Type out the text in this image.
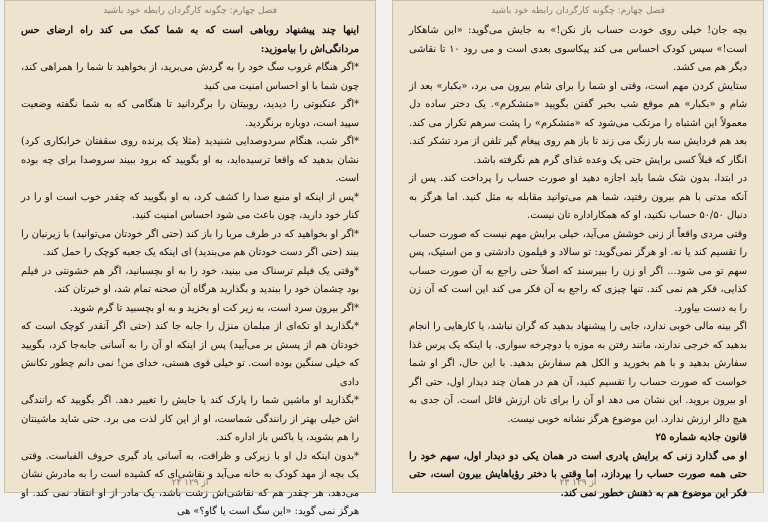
فصل چهارم: چگونه کارگردان رابطه خود باشید

اینها چند پیشنهاد روباهی است که به شما کمک می کند راه ارضای حس مردانگی‌اش را بیاموزید:

*اگر هنگام غروب سگ خود را به گردش می‌برید، از بخواهید تا شما را همراهی کند، چون شما با او احساس امنیت می کنید

*اگر عنکبوتی را دیدید، روبیتان را برگردانید تا هنگامی که به شما نگفته وضعیت سپید است، دوباره برنگردید.

*اگر شب، هنگام سردوصدایی شنیدید (مثلا یک پرنده روی سقفتان خرابکاری کرد) نشان بدهید که واقعا ترسیده‌اید، به او بگویید که برود ببیند سروصدا برای چه بوده است.

*پس از اینکه او منبع صدا را کشف کرد، به او بگویید که چقدر خوب است او را در کنار خود دارید، چون باعث می شود احساس امنیت کنید.

*اگر او بخواهید که در طرف مربا را باز کند (حتی اگر خودتان می‌توانید) با زیرنیان را ببند (حتی اگر دست خودتان هم می‌بندید) ای اینکه یک جعبه کوچک را حمل کند.

*وقتی یک فیلم ترسناک می بینید، خود را به او بچسبانید، اگر هم خشونتی در فیلم بود چشمان خود را ببندید و بگذارید هرگاه آن صحنه تمام شد، او خبرتان کند.

*اگر بیرون سرد است، به زیر کت او بخزید و به او بچسبید تا گرم شوید.

*بگذارید او تکه‌ای از مبلمان منزل را جابه جا کند (حتی اگر آنقدر کوچک است که خودتان هم از پسش بر می‌آیید) پس از اینکه او آن را به آسانی جابه‌جا کرد، بگویید که خیلی سنگین بوده است. تو خیلی قوی هستی، خدای من! نمی دانم چطور تکانش دادی

*بگذارید او ماشین شما را پارک کند یا جایش را تغییر دهد. اگر بگویید که رانندگی اش خیلی بهتر از رانندگی شماست، او از این کار لذت می برد. حتی شاید ماشینتان را هم بشوید، یا باکس باز اداره کند.

*بدون اینکه دل او با زیرکی و ظرافت، به آسانی یاد گیری حروف الفباست. وقتی یک بچه از مهد کودک به خانه می‌آید و نقاشی‌ای که کشیده است را به مادرش نشان می‌دهد، هر چقدر هم که نقاشی‌اش زشت باشد، یک مادر از او انتقاد نمی کند. او هرگز نمی گوید: «این سگ است یا گاو؟» هی

۲۴ از ۱۲۹
فصل چهارم: چگونه کارگردان رابطه خود باشید

بچه جان! خیلی روی خودت حساب باز نکن!» به جایش می‌گوید: «این شاهکار است!» سپس کودک احساس می کند پیکاسوی بعدی است و می رود ۱۰ تا نقاشی دیگر هم می کشد.

ستایش کردن مهم است، وقتی او شما را برای شام بیرون می برد، «بکبار» بعد از شام و «بکبار» هم موقع شب بخیر گفتن بگویید «متشکرم». یک دختر ساده دل معمولاً این اشتباه را مرتکب می‌شود که «متشکرم» را پشت سرهم تکرار می کند. بعد هم فردایش سه بار زنگ می زند تا باز هم روی پیغام گیر تلفن از مرد تشکر کند. انگار که قبلاً کسی برایش حتی یک وعده غذای گرم هم نگرفته باشد.

در ابتدا، بدون شک شما باید اجازه دهید او صورت حساب را پرداخت کند. پس از آنکه مدتی با هم بیرون رفتید، شما هم می‌توانید مقابله به مثل کنید. اما هرگز به دنبال ۵۰/۵۰ حساب نکنید، او که همکاراداره تان نیست.

وقتی مردی واقعاً از زنی خوشش می‌آید، خیلی برایش مهم نیست که صورت حساب را تقسیم کند یا نه. او هرگز نمی‌گوید: تو سالاد و فیلمون دادشتی و من استیک، پس سهم تو می شود... اگر او زن را ببیرسند که اصلاً حتی راجع به آن صورت حساب کذایی، فکر هم نمی کند. تنها چیزی که راجع به آن فکر می کند این است که آن زن را به دست بیاورد.

اگر بینه مالی خوبی ندارد، جایی را پیشنهاد بدهید که گران نباشد، یا کارهایی را انجام بدهید که خرجی ندارند، مانند رفتن به موزه یا دوچرخه سواری. یا اینکه یک پرس غذا سفارش بدهید و با هم بخورید و الکل هم سفارش بدهید. با این حال، اگر او شما خواست که صورت حساب را تقسیم کنید، آن هم در همان چند دیدار اول، حتی اگر او بیرون بروید. این نشان می دهد او آن را برای تان ارزش قائل است. آن جدی به هیچ دالر ارزش ندارد. این موضوع هرگز نشانه خوبی نیست.

قانون جاذبه شماره ۲۵

او می گذارد زنی که برایش پادری است در همان یکی دو دیدار اول، سهم خود را حتی همه صورت حساب را بپردازد، اما وقتی با دختر رؤیاهایش بیرون است، حتی فکر این موضوع هم به ذهنش خطور نمی کند.

۲۳ از ۱۲۹
